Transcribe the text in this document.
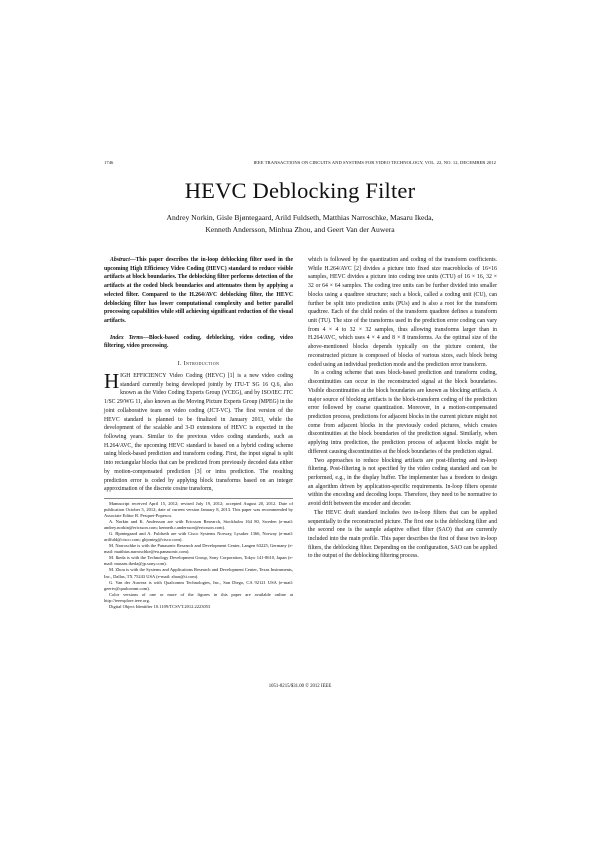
1746	IEEE TRANSACTIONS ON CIRCUITS AND SYSTEMS FOR VIDEO TECHNOLOGY, VOL. 22, NO. 12, DECEMBER 2012
HEVC Deblocking Filter
Andrey Norkin, Gisle Bjøntegaard, Arild Fuldseth, Matthias Narroschke, Masaru Ikeda,
Kenneth Andersson, Minhua Zhou, and Geert Van der Auwera

Abstract—This paper describes the in-loop deblocking filter used in the upcoming High Efficiency Video Coding (HEVC) standard to reduce visible artifacts at block boundaries. The deblocking filter performs detection of the artifacts at the coded block boundaries and attenuates them by applying a selected filter. Compared to the H.264/AVC deblocking filter, the HEVC deblocking filter has lower computational complexity and better parallel processing capabilities while still achieving significant reduction of the visual artifacts.

Index Terms—Block-based coding, deblocking, video coding, video filtering, video processing.

I. Introduction

HIGH EFFICIENCY Video Coding (HEVC) [1] is a new video coding standard currently being developed jointly by ITU-T SG 16 Q.6, also known as the Video Coding Experts Group (VCEG), and by ISO/IEC JTC 1/SC 29/WG 11, also known as the Moving Picture Experts Group (MPEG) in the joint collaborative team on video coding (JCT-VC). The first version of the HEVC standard is planned to be finalized in January 2013, while the development of the scalable and 3-D extensions of HEVC is expected in the following years. Similar to the previous video coding standards, such as H.264/AVC, the upcoming HEVC standard is based on a hybrid coding scheme using block-based prediction and transform coding. First, the input signal is split into rectangular blocks that can be predicted from previously decoded data either by motion-compensated prediction [3] or intra prediction. The resulting prediction error is coded by applying block transforms based on an integer approximation of the discrete cosine transform,

Manuscript received April 15, 2012; revised July 19, 2012; accepted August 20, 2012. Date of publication October 5, 2012; date of current version January 8, 2013. This paper was recommended by Associate Editor B. Pesquet-Popescu.

A. Norkin and K. Andersson are with Ericsson Research, Stockholm 164 80, Sweden (e-mail: andrey.norkin@ericsson.com; kenneth.r.andersson@ericsson.com).

G. Bjøntegaard and A. Fuldseth are with Cisco Systems Norway, Lysaker 1366, Norway (e-mail: arilfuld@cisco.com; gbjonteg@cisco.com).

M. Narroschke is with the Panasonic Research and Development Center, Langen 63225, Germany (e-mail: matthias.narroschke@eu.panasonic.com).

M. Ikeda is with the Technology Development Group, Sony Corporation, Tokyo 141-8610, Japan (e-mail: masaru.ikeda@jp.sony.com).

M. Zhou is with the Systems and Applications Research and Development Center, Texas Instruments, Inc., Dallas, TX 75243 USA (e-mail: zhou@ti.com).

G. Van der Auwera is with Qualcomm Technologies, Inc., San Diego, CA 92121 USA (e-mail: geertv@qualcomm.com).

Color versions of one or more of the figures in this paper are available online at http://ieeexplore.ieee.org.

Digital Object Identifier 10.1109/TCSVT.2012.2223053

which is followed by the quantization and coding of the transform coefficients. While H.264/AVC [2] divides a picture into fixed size macroblocks of 16×16 samples, HEVC divides a picture into coding tree units (CTU) of 16 × 16, 32 × 32 or 64 × 64 samples. The coding tree units can be further divided into smaller blocks using a quadtree structure; such a block, called a coding unit (CU), can further be split into prediction units (PUs) and is also a root for the transform quadtree. Each of the child nodes of the transform quadtree defines a transform unit (TU). The size of the transforms used in the prediction error coding can vary from 4 × 4 to 32 × 32 samples, thus allowing transforms larger than in H.264/AVC, which uses 4 × 4 and 8 × 8 transforms. As the optimal size of the above-mentioned blocks depends typically on the picture content, the reconstructed picture is composed of blocks of various sizes, each block being coded using an individual prediction mode and the prediction error transform.

In a coding scheme that uses block-based prediction and transform coding, discontinuities can occur in the reconstructed signal at the block boundaries. Visible discontinuities at the block boundaries are known as blocking artifacts. A major source of blocking artifacts is the block-transform coding of the prediction error followed by coarse quantization. Moreover, in a motion-compensated prediction process, predictions for adjacent blocks in the current picture might not come from adjacent blocks in the previously coded pictures, which creates discontinuities at the block boundaries of the prediction signal. Similarly, when applying intra prediction, the prediction process of adjacent blocks might be different causing discontinuities at the block boundaries of the prediction signal.

Two approaches to reduce blocking artifacts are post-filtering and in-loop filtering. Post-filtering is not specified by the video coding standard and can be performed, e.g., in the display buffer. The implementer has a freedom to design an algorithm driven by application-specific requirements. In-loop filters operate within the encoding and decoding loops. Therefore, they need to be normative to avoid drift between the encoder and decoder.

The HEVC draft standard includes two in-loop filters that can be applied sequentially to the reconstructed picture. The first one is the deblocking filter and the second one is the sample adaptive offset filter (SAO) that are currently included into the main profile. This paper describes the first of these two in-loop filters, the deblocking filter. Depending on the configuration, SAO can be applied to the output of the deblocking filtering process.

1051-8215/$31.00 © 2012 IEEE
